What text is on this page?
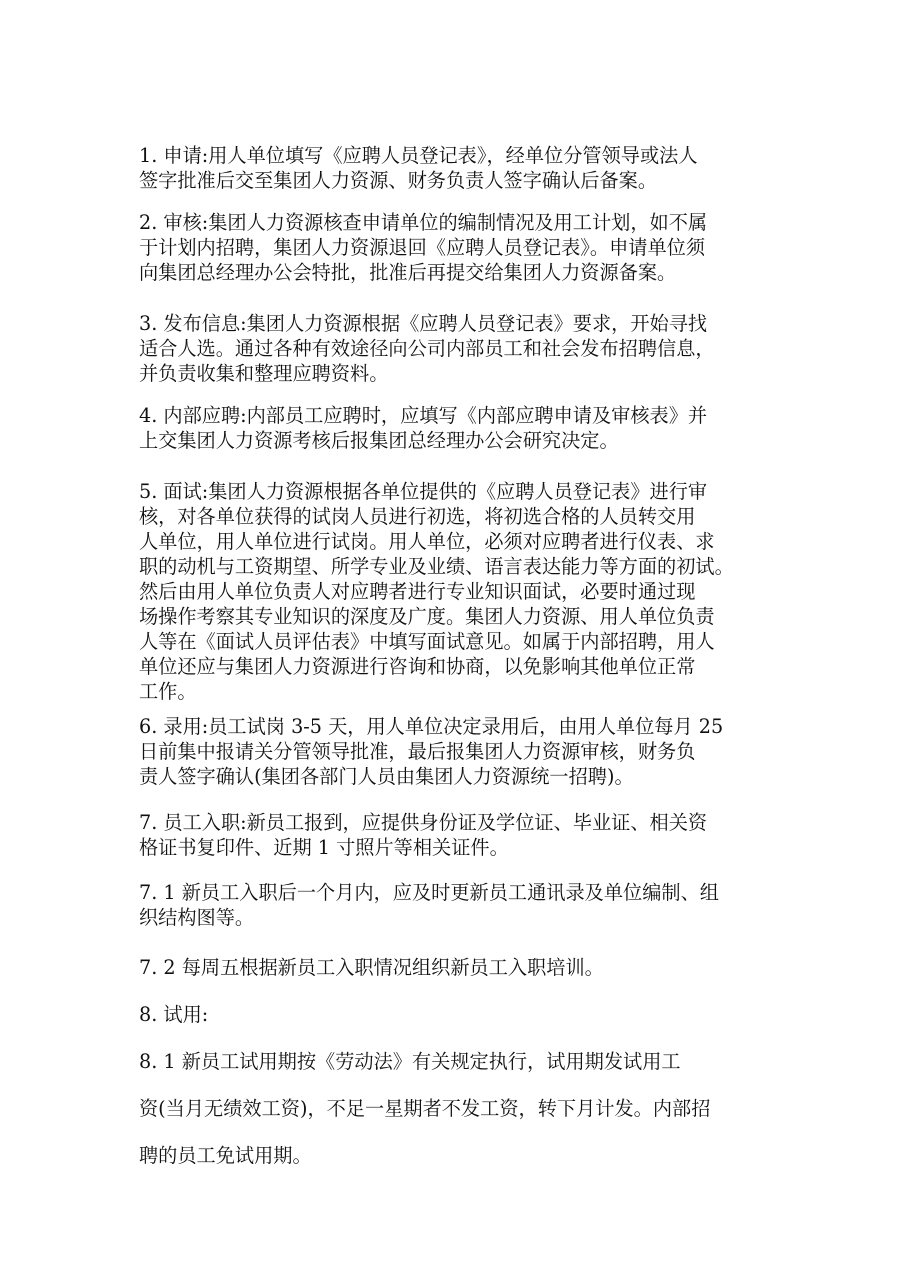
1. 申请:用人单位填写《应聘人员登记表》，经单位分管领导或法人
签字批准后交至集团人力资源、财务负责人签字确认后备案。

2. 审核:集团人力资源核查申请单位的编制情况及用工计划，如不属
于计划内招聘，集团人力资源退回《应聘人员登记表》。申请单位须
向集团总经理办公会特批，批准后再提交给集团人力资源备案。

3. 发布信息:集团人力资源根据《应聘人员登记表》要求，开始寻找
适合人选。通过各种有效途径向公司内部员工和社会发布招聘信息，
并负责收集和整理应聘资料。

4. 内部应聘:内部员工应聘时，应填写《内部应聘申请及审核表》并
上交集团人力资源考核后报集团总经理办公会研究决定。

5. 面试:集团人力资源根据各单位提供的《应聘人员登记表》进行审
核，对各单位获得的试岗人员进行初选，将初选合格的人员转交用
人单位，用人单位进行试岗。用人单位，必须对应聘者进行仪表、求
职的动机与工资期望、所学专业及业绩、语言表达能力等方面的初试。
然后由用人单位负责人对应聘者进行专业知识面试，必要时通过现
场操作考察其专业知识的深度及广度。集团人力资源、用人单位负责
人等在《面试人员评估表》中填写面试意见。如属于内部招聘，用人
单位还应与集团人力资源进行咨询和协商，以免影响其他单位正常
工作。

6. 录用:员工试岗 3-5 天，用人单位决定录用后，由用人单位每月 25
日前集中报请关分管领导批准，最后报集团人力资源审核，财务负
责人签字确认(集团各部门人员由集团人力资源统一招聘)。

7. 员工入职:新员工报到，应提供身份证及学位证、毕业证、相关资
格证书复印件、近期 1 寸照片等相关证件。

7. 1 新员工入职后一个月内，应及时更新员工通讯录及单位编制、组
织结构图等。

7. 2 每周五根据新员工入职情况组织新员工入职培训。

8. 试用:

8. 1 新员工试用期按《劳动法》有关规定执行，试用期发试用工

资(当月无绩效工资)，不足一星期者不发工资，转下月计发。内部招

聘的员工免试用期。
